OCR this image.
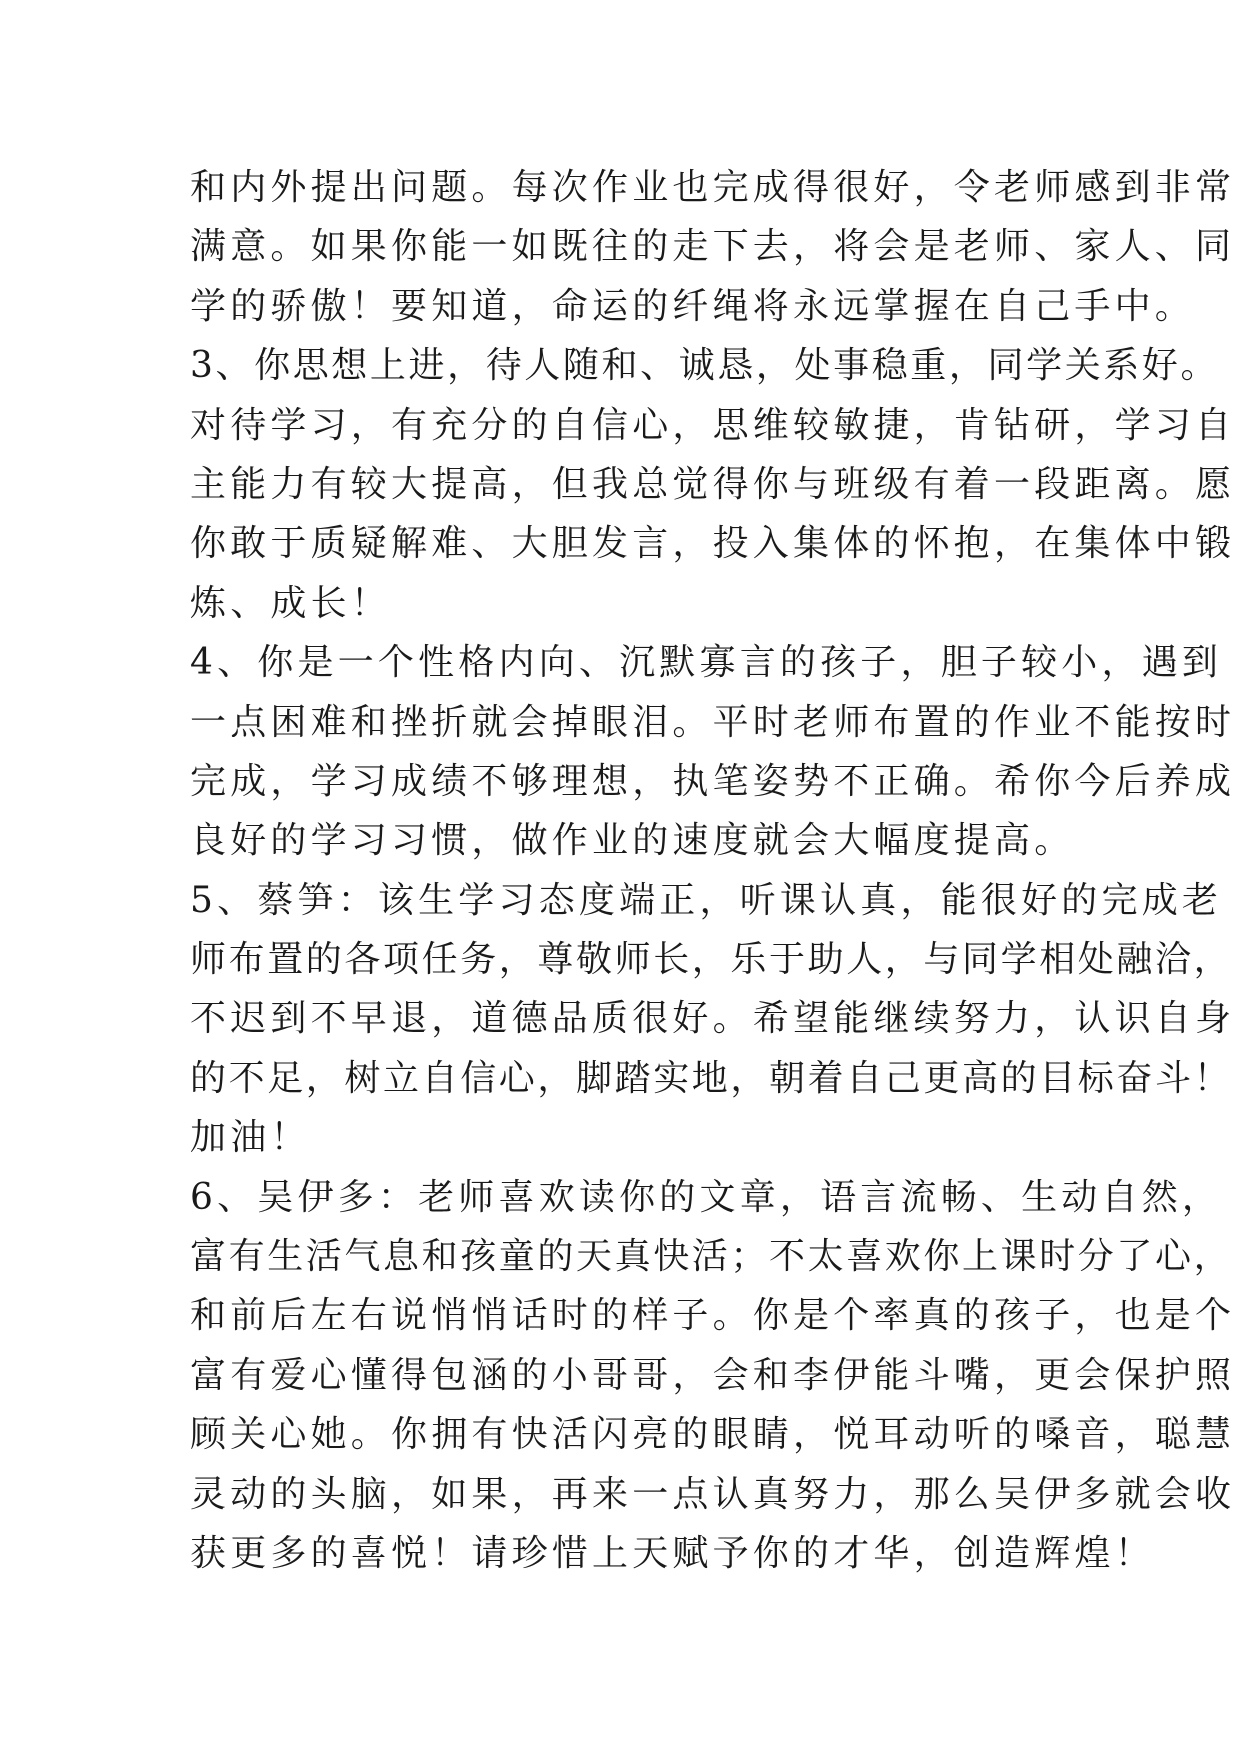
和内外提出问题。每次作业也完成得很好，令老师感到非常
满意。如果你能一如既往的走下去，将会是老师、家人、同
学的骄傲！要知道，命运的纤绳将永远掌握在自己手中。
3、你思想上进，待人随和、诚恳，处事稳重，同学关系好。
对待学习，有充分的自信心，思维较敏捷，肯钻研，学习自
主能力有较大提高，但我总觉得你与班级有着一段距离。愿
你敢于质疑解难、大胆发言，投入集体的怀抱，在集体中锻
炼、成长！
4、你是一个性格内向、沉默寡言的孩子，胆子较小，遇到
一点困难和挫折就会掉眼泪。平时老师布置的作业不能按时
完成，学习成绩不够理想，执笔姿势不正确。希你今后养成
良好的学习习惯，做作业的速度就会大幅度提高。
5、蔡笋：该生学习态度端正，听课认真，能很好的完成老
师布置的各项任务，尊敬师长，乐于助人，与同学相处融洽，
不迟到不早退，道德品质很好。希望能继续努力，认识自身
的不足，树立自信心，脚踏实地，朝着自己更高的目标奋斗！
加油！
6、吴伊多：老师喜欢读你的文章，语言流畅、生动自然，
富有生活气息和孩童的天真快活；不太喜欢你上课时分了心，
和前后左右说悄悄话时的样子。你是个率真的孩子，也是个
富有爱心懂得包涵的小哥哥，会和李伊能斗嘴，更会保护照
顾关心她。你拥有快活闪亮的眼睛，悦耳动听的嗓音，聪慧
灵动的头脑，如果，再来一点认真努力，那么吴伊多就会收
获更多的喜悦！请珍惜上天赋予你的才华，创造辉煌！
